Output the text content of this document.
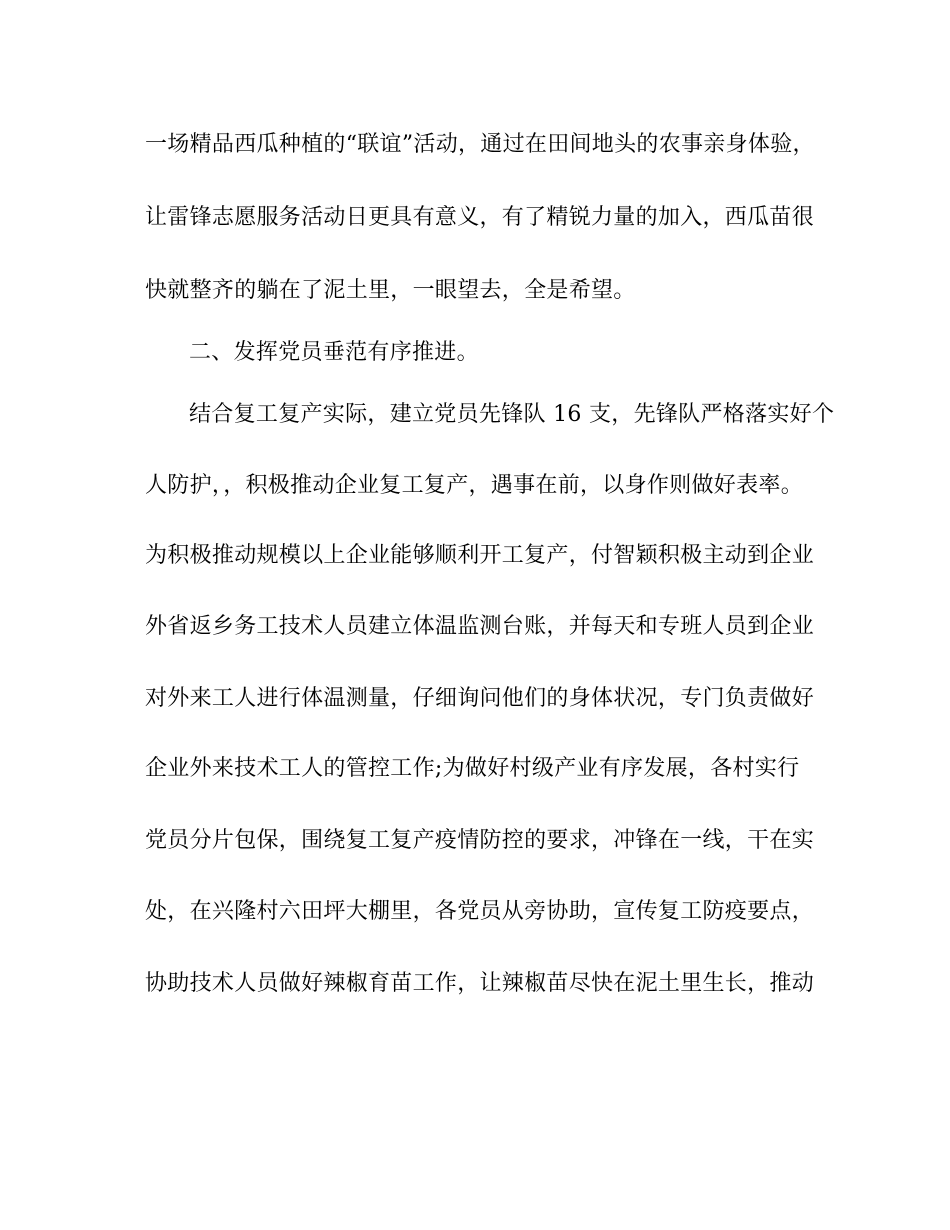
一场精品西瓜种植的“联谊”活动，通过在田间地头的农事亲身体验，
让雷锋志愿服务活动日更具有意义，有了精锐力量的加入，西瓜苗很
快就整齐的躺在了泥土里，一眼望去，全是希望。
二、发挥党员垂范有序推进。
结合复工复产实际，建立党员先锋队 16 支，先锋队严格落实好个
人防护，，积极推动企业复工复产，遇事在前，以身作则做好表率。
为积极推动规模以上企业能够顺利开工复产，付智颖积极主动到企业
外省返乡务工技术人员建立体温监测台账，并每天和专班人员到企业
对外来工人进行体温测量，仔细询问他们的身体状况，专门负责做好
企业外来技术工人的管控工作;为做好村级产业有序发展，各村实行
党员分片包保，围绕复工复产疫情防控的要求，冲锋在一线，干在实
处，在兴隆村六田坪大棚里，各党员从旁协助，宣传复工防疫要点，
协助技术人员做好辣椒育苗工作，让辣椒苗尽快在泥土里生长，推动
